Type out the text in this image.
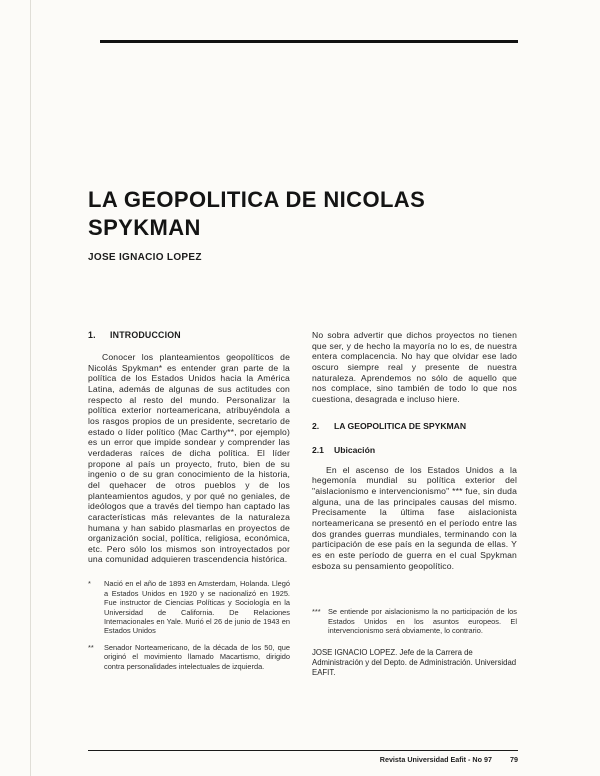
LA GEOPOLITICA DE NICOLAS SPYKMAN
JOSE IGNACIO LOPEZ
1.	INTRODUCCION
Conocer los planteamientos geopolíticos de Nicolás Spykman* es entender gran parte de la política de los Estados Unidos hacia la América Latina, además de algunas de sus actitudes con respecto al resto del mundo. Personalizar la política exterior norteamericana, atribuyéndola a los rasgos propios de un presidente, secretario de estado o líder político (Mac Carthy**, por ejemplo) es un error que impide sondear y comprender las verdaderas raíces de dicha política. El líder propone al país un proyecto, fruto, bien de su ingenio o de su gran conocimiento de la historia, del quehacer de otros pueblos y de los planteamientos agudos, y por qué no geniales, de ideólogos que a través del tiempo han captado las características más relevantes de la naturaleza humana y han sabido plasmarlas en proyectos de organización social, política, religiosa, económica, etc. Pero sólo los mismos son introyectados por una comunidad adquieren trascendencia histórica.
*	Nació en el año de 1893 en Amsterdam, Holanda. Llegó a Estados Unidos en 1920 y se nacionalizó en 1925. Fue instructor de Ciencias Políticas y Sociología en la Universidad de California. De Relaciones Internacionales en Yale. Murió el 26 de junio de 1943 en Estados Unidos
**	Senador Norteamericano, de la década de los 50, que originó el movimiento llamado Macartismo, dirigido contra personalidades intelectuales de izquierda.
No sobra advertir que dichos proyectos no tienen que ser, y de hecho la mayoría no lo es, de nuestra entera complacencia. No hay que olvidar ese lado oscuro siempre real y presente de nuestra naturaleza. Aprendemos no sólo de aquello que nos complace, sino también de todo lo que nos cuestiona, desagrada e incluso hiere.
2.	LA GEOPOLITICA DE SPYKMAN
2.1	Ubicación
En el ascenso de los Estados Unidos a la hegemonía mundial su política exterior del "aislacionismo e intervencionismo" *** fue, sin duda alguna, una de las principales causas del mismo. Precisamente la última fase aislacionista norteamericana se presentó en el período entre las dos grandes guerras mundiales, terminando con la participación de ese país en la segunda de ellas. Y es en este período de guerra en el cual Spykman esboza su pensamiento geopolítico.
*** Se entiende por aislacionismo la no participación de los Estados Unidos en los asuntos europeos. El intervencionismo será obviamente, lo contrario.
JOSE IGNACIO LOPEZ. Jefe de la Carrera de Administración y del Depto. de Administración. Universidad EAFIT.
Revista Universidad Eafit - No 97	79
